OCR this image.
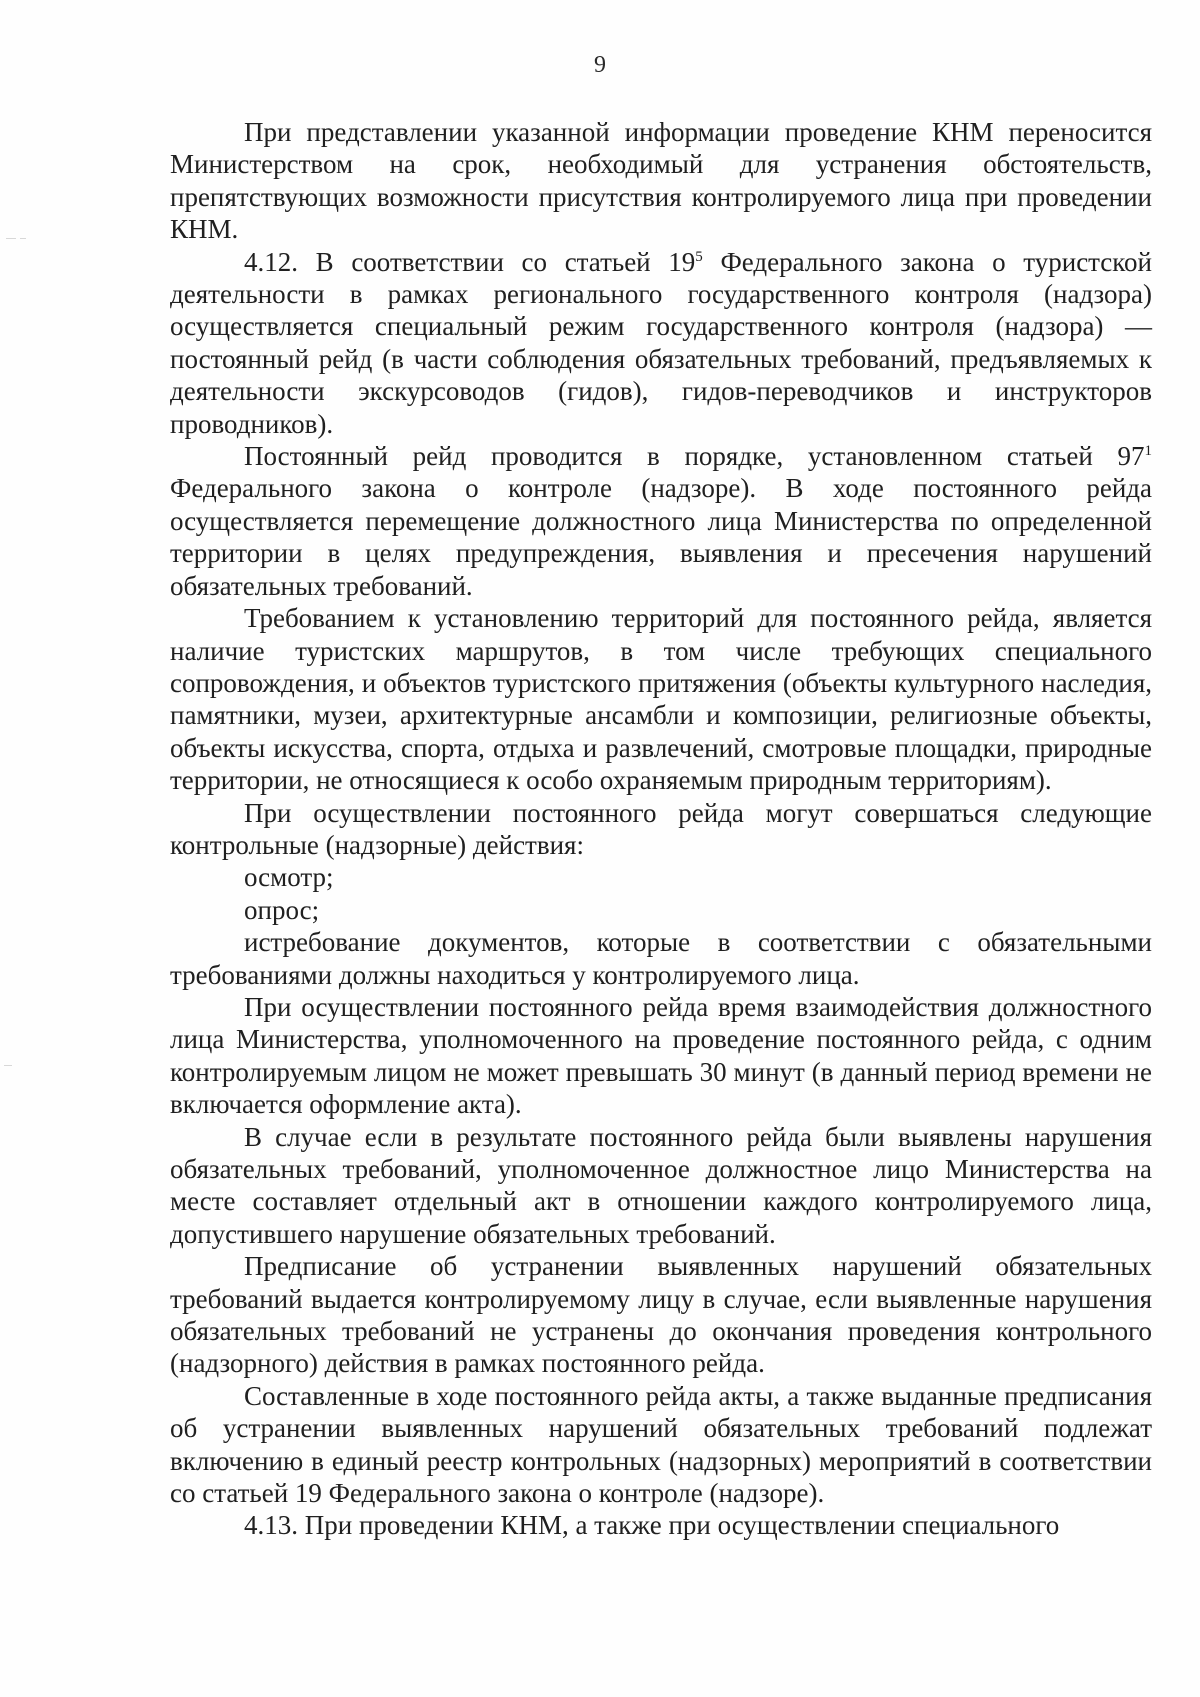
9

При представлении указанной информации проведение КНМ переносится Министерством на срок, необходимый для устранения обстоятельств, препятствующих возможности присутствия контролируемого лица при проведении КНМ.

4.12. В соответствии со статьей $19^5$ Федерального закона о туристской деятельности в рамках регионального государственного контроля (надзора) осуществляется специальный режим государственного контроля (надзора) — постоянный рейд (в части соблюдения обязательных требований, предъявляемых к деятельности экскурсоводов (гидов), гидов-переводчиков и инструкторов проводников).

Постоянный рейд проводится в порядке, установленном статьей $97^1$ Федерального закона о контроле (надзоре). В ходе постоянного рейда осуществляется перемещение должностного лица Министерства по определенной территории в целях предупреждения, выявления и пресечения нарушений обязательных требований.

Требованием к установлению территорий для постоянного рейда, является наличие туристских маршрутов, в том числе требующих специального сопровождения, и объектов туристского притяжения (объекты культурного наследия, памятники, музеи, архитектурные ансамбли и композиции, религиозные объекты, объекты искусства, спорта, отдыха и развлечений, смотровые площадки, природные территории, не относящиеся к особо охраняемым природным территориям).

При осуществлении постоянного рейда могут совершаться следующие контрольные (надзорные) действия:

осмотр;

опрос;

истребование документов, которые в соответствии с обязательными требованиями должны находиться у контролируемого лица.

При осуществлении постоянного рейда время взаимодействия должностного лица Министерства, уполномоченного на проведение постоянного рейда, с одним контролируемым лицом не может превышать 30 минут (в данный период времени не включается оформление акта).

В случае если в результате постоянного рейда были выявлены нарушения обязательных требований, уполномоченное должностное лицо Министерства на месте составляет отдельный акт в отношении каждого контролируемого лица, допустившего нарушение обязательных требований.

Предписание об устранении выявленных нарушений обязательных требований выдается контролируемому лицу в случае, если выявленные нарушения обязательных требований не устранены до окончания проведения контрольного (надзорного) действия в рамках постоянного рейда.

Составленные в ходе постоянного рейда акты, а также выданные предписания об устранении выявленных нарушений обязательных требований подлежат включению в единый реестр контрольных (надзорных) мероприятий в соответствии со статьей 19 Федерального закона о контроле (надзоре).

4.13. При проведении КНМ, а также при осуществлении специального
